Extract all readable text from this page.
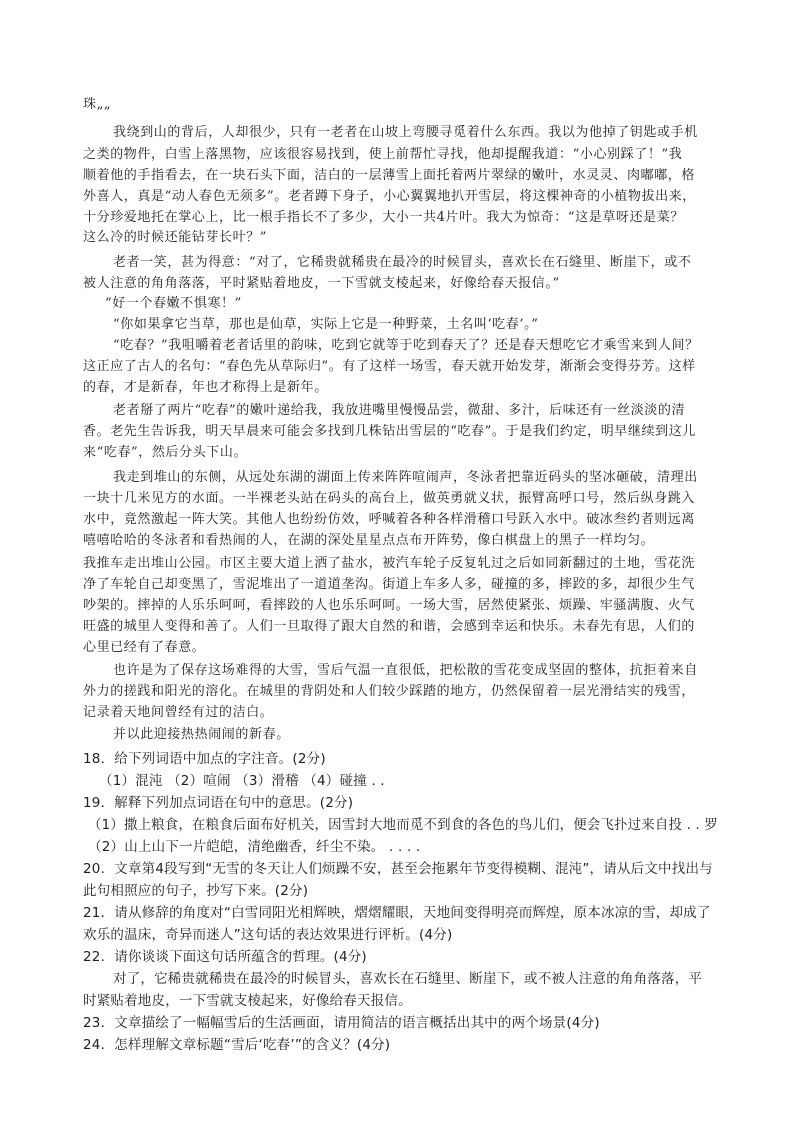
珠„„
我绕到山的背后，人却很少，只有一老者在山坡上弯腰寻觅着什么东西。我以为他掉了钥匙或手机
之类的物件，白雪上落黑物，应该很容易找到，使上前帮忙寻找，他却提醒我道：“小心别踩了！”我
顺着他的手指看去，在一块石头下面，洁白的一层薄雪上面托着两片翠绿的嫩叶，水灵灵、肉嘟嘟，格
外喜人，真是“动人春色无须多”。老者蹲下身子，小心翼翼地扒开雪层，将这棵神奇的小植物拔出来，
十分珍爱地托在掌心上，比一根手指长不了多少，大小一共4片叶。我大为惊奇：“这是草呀还是菜？
这么冷的时候还能钻芽长叶？”
老者一笑，甚为得意：“对了，它稀贵就稀贵在最冷的时候冒头，喜欢长在石缝里、断崖下，或不
被人注意的角角落落，平时紧贴着地皮，一下雪就支棱起来，好像给春天报信。”
“好一个春嫩不惧寒！”
“你如果拿它当草，那也是仙草，实际上它是一种野菜，土名叫‘吃春’。”
“吃春？”我咀嚼着老者话里的韵味，吃到它就等于吃到春天了？还是春天想吃它才乘雪来到人间？
这正应了古人的名句：“春色先从草际归”。有了这样一场雪，春天就开始发芽，渐渐会变得芬芳。这样
的春，才是新春，年也才称得上是新年。
老者掰了两片“吃春”的嫩叶递给我，我放进嘴里慢慢品尝，微甜、多汁，后味还有一丝淡淡的清
香。老先生告诉我，明天早晨来可能会多找到几株钻出雪层的“吃春”。于是我们约定，明早继续到这儿
来“吃春”，然后分头下山。
我走到堆山的东侧，从远处东湖的湖面上传来阵阵喧闹声，冬泳者把靠近码头的坚冰砸破，清理出
一块十几米见方的水面。一半裸老头站在码头的高台上，做英勇就义状，振臂高呼口号，然后纵身跳入
水中，竟然激起一阵大笑。其他人也纷纷仿效，呼喊着各种各样滑稽口号跃入水中。破冰叁约者则远离
嘻嘻哈哈的冬泳者和看热闹的人，在湖的深处星星点点布开阵势，像白棋盘上的黑子一样均匀。
我推车走出堆山公园。市区主要大道上洒了盐水，被汽车轮子反复轧过之后如同新翻过的土地，雪花洗
净了车轮自己却变黑了，雪泥堆出了一道道垄沟。街道上车多人多，碰撞的多，摔跤的多，却很少生气
吵架的。摔掉的人乐乐呵呵，看摔跤的人也乐乐呵呵。一场大雪，居然使紧张、烦躁、牢骚满腹、火气
旺盛的城里人变得和善了。人们一旦取得了跟大自然的和谐，会感到幸运和快乐。未春先有思，人们的
心里已经有了春意。
也许是为了保存这场难得的大雪，雪后气温一直很低，把松散的雪花变成坚固的整体，抗拒着来自
外力的搓践和阳光的溶化。在城里的背阴处和人们较少踩踏的地方，仍然保留着一层光滑结实的残雪，
记录着天地间曾经有过的洁白。
并以此迎接热热闹闹的新春。
18．给下列词语中加点的字注音。(2分)
（1）混沌 （2）喧闹 （3）滑稽 （4）碰撞 . .
19．解释下列加点词语在句中的意思。(2分)
（1）撒上粮食，在粮食后面布好机关，因雪封大地而觅不到食的各色的鸟儿们，便会飞扑过来自投 . . 罗
（2）山上山下一片皑皑，清绝幽香，纤尘不染。 . . . .
20．文章第4段写到“无雪的冬天让人们烦躁不安，甚至会拖累年节变得模糊、混沌”，请从后文中找出与
此句相照应的句子，抄写下来。(2分)
21．请从修辞的角度对“白雪同阳光相辉映，熠熠耀眼，天地间变得明亮而辉煌，原本冰凉的雪，却成了
欢乐的温床，奇异而迷人”这句话的表达效果进行评析。(4分)
22．请你谈谈下面这句话所蕴含的哲理。(4分)
对了，它稀贵就稀贵在最冷的时候冒头，喜欢长在石缝里、断崖下，或不被人注意的角角落落，平
时紧贴着地皮，一下雪就支棱起来，好像给春天报信。
23．文章描绘了一幅幅雪后的生活画面，请用简洁的语言概括出其中的两个场景(4分)
24．怎样理解文章标题“雪后‘吃春’”的含义？(4分)
